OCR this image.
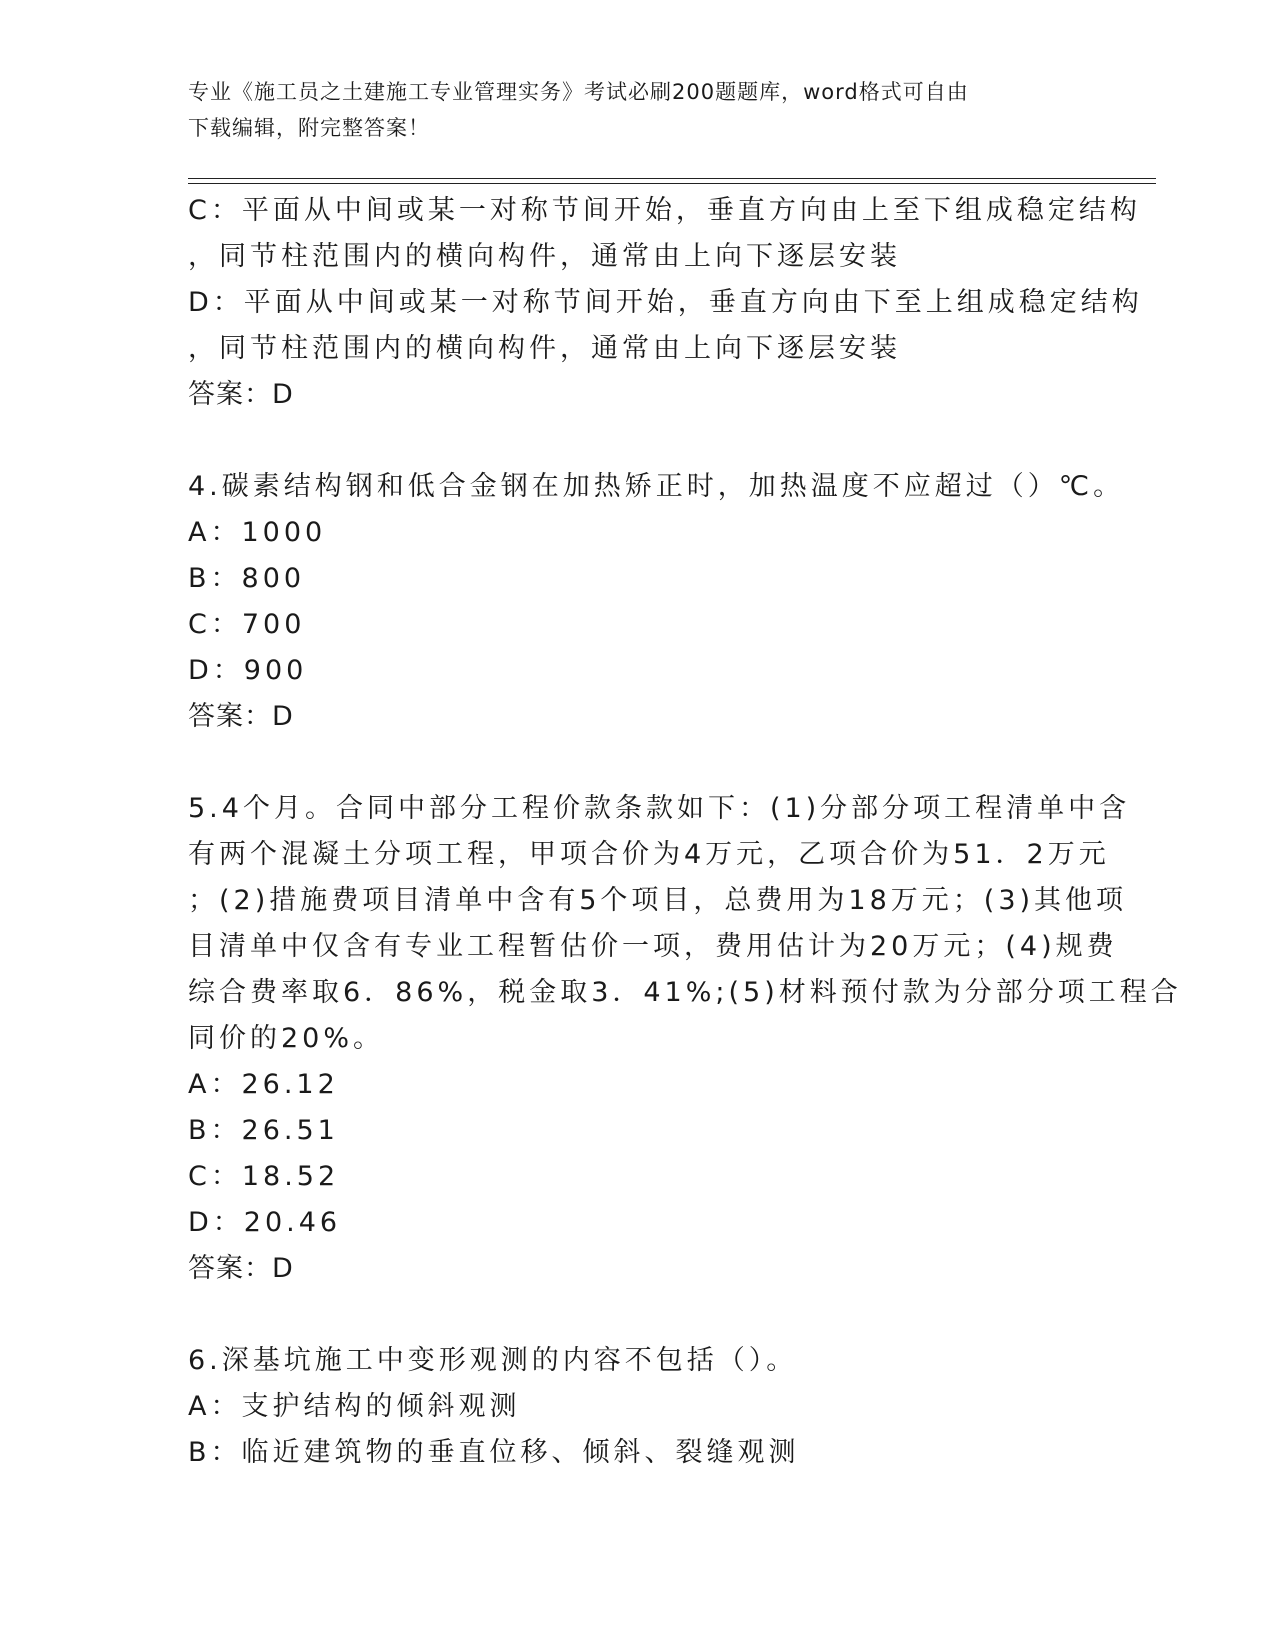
专业《施工员之土建施工专业管理实务》考试必刷200题题库，word格式可自由
下载编辑，附完整答案！
C：平面从中间或某一对称节间开始，垂直方向由上至下组成稳定结构
，同节柱范围内的横向构件，通常由上向下逐层安装
D：平面从中间或某一对称节间开始，垂直方向由下至上组成稳定结构
，同节柱范围内的横向构件，通常由上向下逐层安装
答案：D
4.碳素结构钢和低合金钢在加热矫正时，加热温度不应超过（）℃。
A：1000
B：800
C：700
D：900
答案：D
5.4个月。合同中部分工程价款条款如下：(1)分部分项工程清单中含
有两个混凝土分项工程，甲项合价为4万元，乙项合价为51．2万元
；(2)措施费项目清单中含有5个项目，总费用为18万元；(3)其他项
目清单中仅含有专业工程暂估价一项，费用估计为20万元；(4)规费
综合费率取6．86%，税金取3．41%;(5)材料预付款为分部分项工程合
同价的20%。
A：26.12
B：26.51
C：18.52
D：20.46
答案：D
6.深基坑施工中变形观测的内容不包括（）。
A：支护结构的倾斜观测
B：临近建筑物的垂直位移、倾斜、裂缝观测
